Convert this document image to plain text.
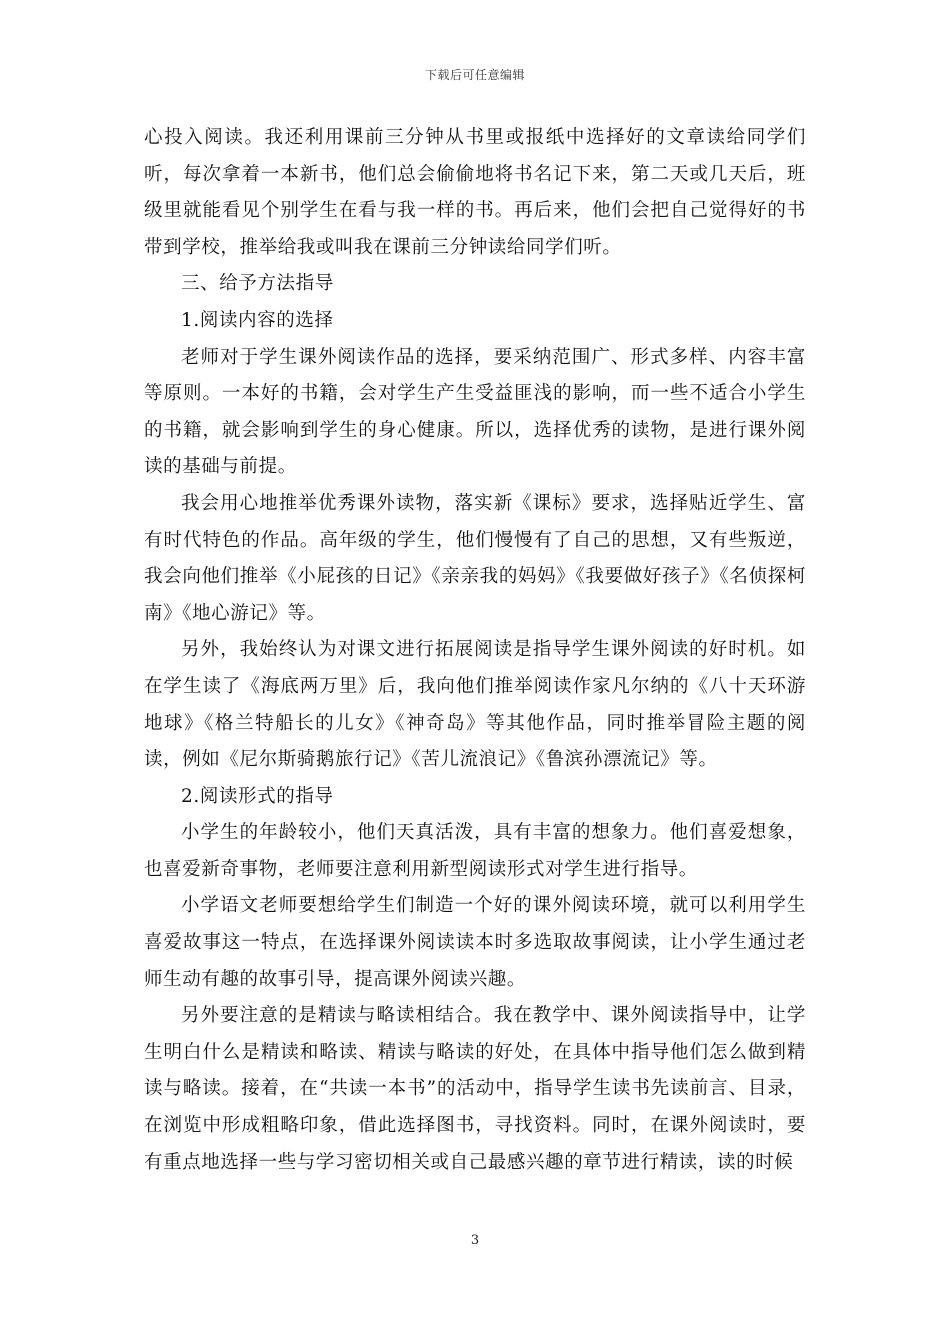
下载后可任意编辑

心投入阅读。我还利用课前三分钟从书里或报纸中选择好的文章读给同学们听，每次拿着一本新书，他们总会偷偷地将书名记下来，第二天或几天后，班级里就能看见个别学生在看与我一样的书。再后来，他们会把自己觉得好的书带到学校，推举给我或叫我在课前三分钟读给同学们听。

三、给予方法指导

1.阅读内容的选择

老师对于学生课外阅读作品的选择，要采纳范围广、形式多样、内容丰富等原则。一本好的书籍，会对学生产生受益匪浅的影响，而一些不适合小学生的书籍，就会影响到学生的身心健康。所以，选择优秀的读物，是进行课外阅读的基础与前提。

我会用心地推举优秀课外读物，落实新《课标》要求，选择贴近学生、富有时代特色的作品。高年级的学生，他们慢慢有了自己的思想，又有些叛逆，我会向他们推举《小屁孩的日记》《亲亲我的妈妈》《我要做好孩子》《名侦探柯南》《地心游记》等。

另外，我始终认为对课文进行拓展阅读是指导学生课外阅读的好时机。如在学生读了《海底两万里》后，我向他们推举阅读作家凡尔纳的《八十天环游地球》《格兰特船长的儿女》《神奇岛》等其他作品，同时推举冒险主题的阅读，例如《尼尔斯骑鹅旅行记》《苦儿流浪记》《鲁滨孙漂流记》等。

2.阅读形式的指导

小学生的年龄较小，他们天真活泼，具有丰富的想象力。他们喜爱想象，也喜爱新奇事物，老师要注意利用新型阅读形式对学生进行指导。

小学语文老师要想给学生们制造一个好的课外阅读环境，就可以利用学生喜爱故事这一特点，在选择课外阅读读本时多选取故事阅读，让小学生通过老师生动有趣的故事引导，提高课外阅读兴趣。

另外要注意的是精读与略读相结合。我在教学中、课外阅读指导中，让学生明白什么是精读和略读、精读与略读的好处，在具体中指导他们怎么做到精读与略读。接着，在“共读一本书”的活动中，指导学生读书先读前言、目录，在浏览中形成粗略印象，借此选择图书，寻找资料。同时，在课外阅读时，要有重点地选择一些与学习密切相关或自己最感兴趣的章节进行精读，读的时候

3
